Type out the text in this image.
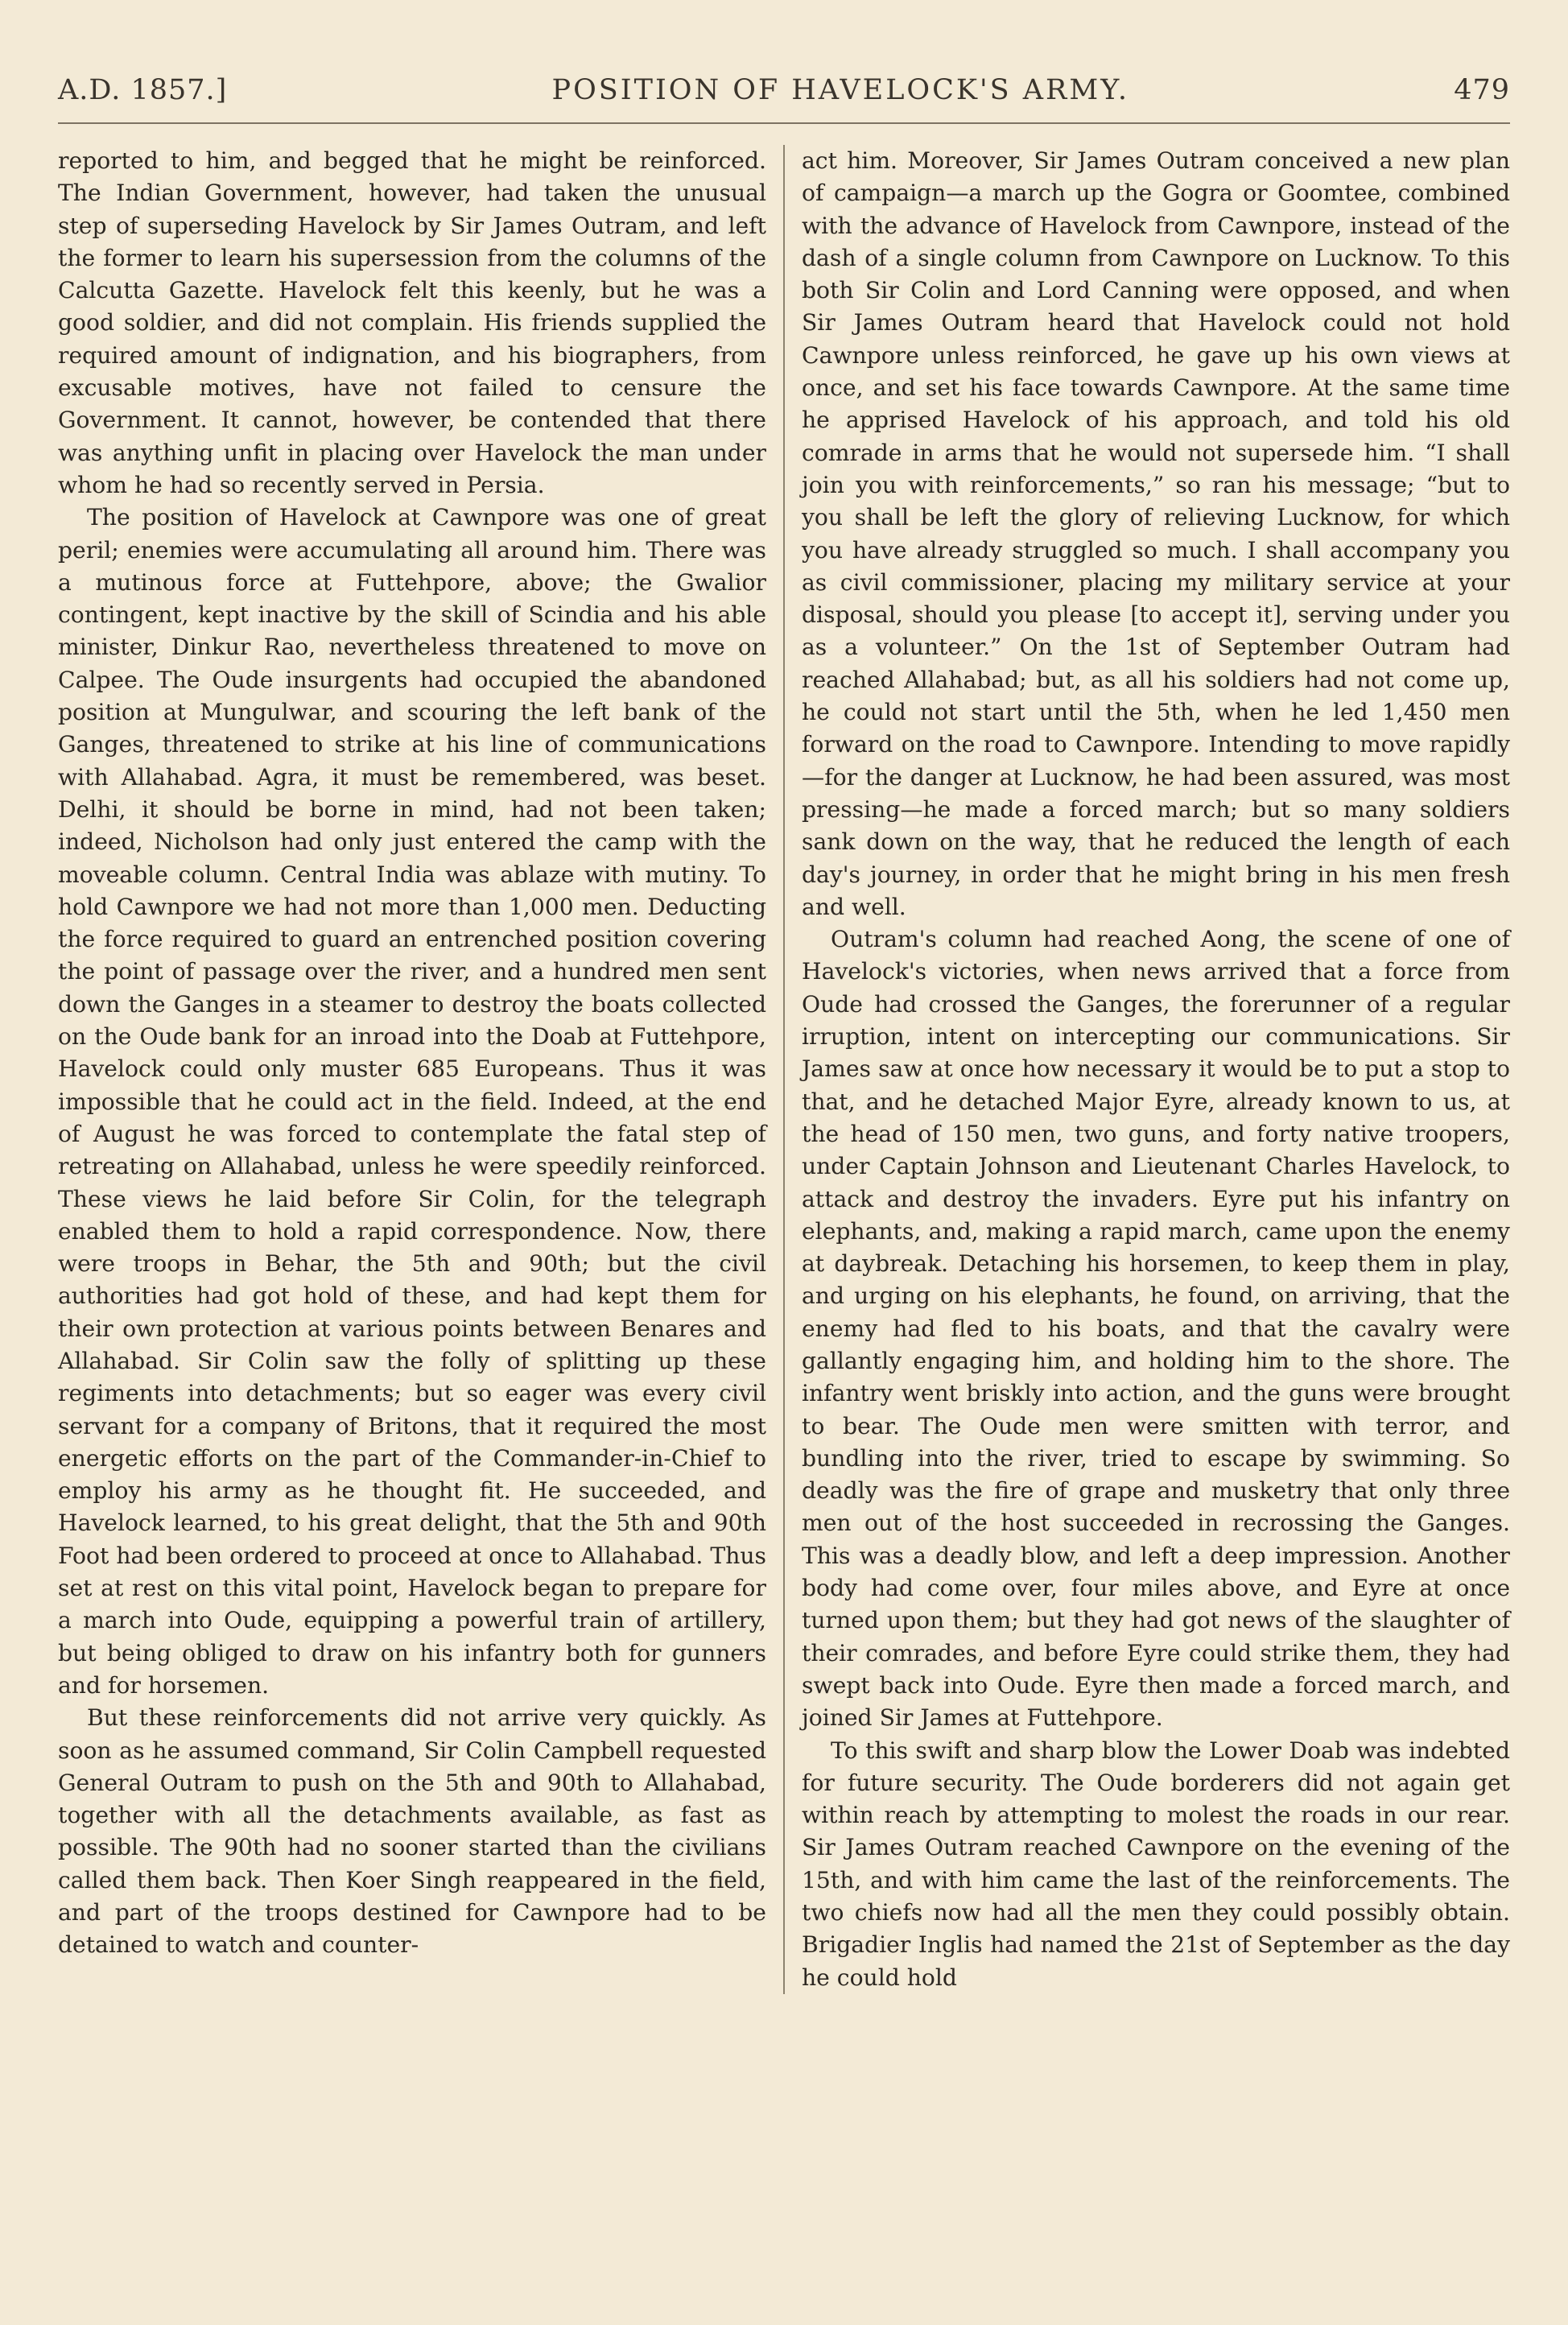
A.D. 1857.]	POSITION OF HAVELOCK'S ARMY.	479

reported to him, and begged that he might be reinforced. The Indian Government, however, had taken the unusual step of superseding Havelock by Sir James Outram, and left the former to learn his supersession from the columns of the Calcutta Gazette. Havelock felt this keenly, but he was a good soldier, and did not complain. His friends supplied the required amount of indignation, and his biographers, from excusable motives, have not failed to censure the Government. It cannot, however, be contended that there was anything unfit in placing over Havelock the man under whom he had so recently served in Persia.

The position of Havelock at Cawnpore was one of great peril; enemies were accumulating all around him. There was a mutinous force at Futtehpore, above; the Gwalior contingent, kept inactive by the skill of Scindia and his able minister, Dinkur Rao, nevertheless threatened to move on Calpee. The Oude insurgents had occupied the abandoned position at Mungulwar, and scouring the left bank of the Ganges, threatened to strike at his line of communications with Allahabad. Agra, it must be remembered, was beset. Delhi, it should be borne in mind, had not been taken; indeed, Nicholson had only just entered the camp with the moveable column. Central India was ablaze with mutiny. To hold Cawnpore we had not more than 1,000 men. Deducting the force required to guard an entrenched position covering the point of passage over the river, and a hundred men sent down the Ganges in a steamer to destroy the boats collected on the Oude bank for an inroad into the Doab at Futtehpore, Havelock could only muster 685 Europeans. Thus it was impossible that he could act in the field. Indeed, at the end of August he was forced to contemplate the fatal step of retreating on Allahabad, unless he were speedily reinforced. These views he laid before Sir Colin, for the telegraph enabled them to hold a rapid correspondence. Now, there were troops in Behar, the 5th and 90th; but the civil authorities had got hold of these, and had kept them for their own protection at various points between Benares and Allahabad. Sir Colin saw the folly of splitting up these regiments into detachments; but so eager was every civil servant for a company of Britons, that it required the most energetic efforts on the part of the Commander-in-Chief to employ his army as he thought fit. He succeeded, and Havelock learned, to his great delight, that the 5th and 90th Foot had been ordered to proceed at once to Allahabad. Thus set at rest on this vital point, Havelock began to prepare for a march into Oude, equipping a powerful train of artillery, but being obliged to draw on his infantry both for gunners and for horsemen.

But these reinforcements did not arrive very quickly. As soon as he assumed command, Sir Colin Campbell requested General Outram to push on the 5th and 90th to Allahabad, together with all the detachments available, as fast as possible. The 90th had no sooner started than the civilians called them back. Then Koer Singh reappeared in the field, and part of the troops destined for Cawnpore had to be detained to watch and counter-

act him. Moreover, Sir James Outram conceived a new plan of campaign—a march up the Gogra or Goomtee, combined with the advance of Havelock from Cawnpore, instead of the dash of a single column from Cawnpore on Lucknow. To this both Sir Colin and Lord Canning were opposed, and when Sir James Outram heard that Havelock could not hold Cawnpore unless reinforced, he gave up his own views at once, and set his face towards Cawnpore. At the same time he apprised Havelock of his approach, and told his old comrade in arms that he would not supersede him. “I shall join you with reinforcements,” so ran his message; “but to you shall be left the glory of relieving Lucknow, for which you have already struggled so much. I shall accompany you as civil commissioner, placing my military service at your disposal, should you please [to accept it], serving under you as a volunteer.” On the 1st of September Outram had reached Allahabad; but, as all his soldiers had not come up, he could not start until the 5th, when he led 1,450 men forward on the road to Cawnpore. Intending to move rapidly—for the danger at Lucknow, he had been assured, was most pressing—he made a forced march; but so many soldiers sank down on the way, that he reduced the length of each day's journey, in order that he might bring in his men fresh and well.

Outram's column had reached Aong, the scene of one of Havelock's victories, when news arrived that a force from Oude had crossed the Ganges, the forerunner of a regular irruption, intent on intercepting our communications. Sir James saw at once how necessary it would be to put a stop to that, and he detached Major Eyre, already known to us, at the head of 150 men, two guns, and forty native troopers, under Captain Johnson and Lieutenant Charles Havelock, to attack and destroy the invaders. Eyre put his infantry on elephants, and, making a rapid march, came upon the enemy at daybreak. Detaching his horsemen, to keep them in play, and urging on his elephants, he found, on arriving, that the enemy had fled to his boats, and that the cavalry were gallantly engaging him, and holding him to the shore. The infantry went briskly into action, and the guns were brought to bear. The Oude men were smitten with terror, and bundling into the river, tried to escape by swimming. So deadly was the fire of grape and musketry that only three men out of the host succeeded in recrossing the Ganges. This was a deadly blow, and left a deep impression. Another body had come over, four miles above, and Eyre at once turned upon them; but they had got news of the slaughter of their comrades, and before Eyre could strike them, they had swept back into Oude. Eyre then made a forced march, and joined Sir James at Futtehpore.

To this swift and sharp blow the Lower Doab was indebted for future security. The Oude borderers did not again get within reach by attempting to molest the roads in our rear. Sir James Outram reached Cawnpore on the evening of the 15th, and with him came the last of the reinforcements. The two chiefs now had all the men they could possibly obtain. Brigadier Inglis had named the 21st of September as the day he could hold
